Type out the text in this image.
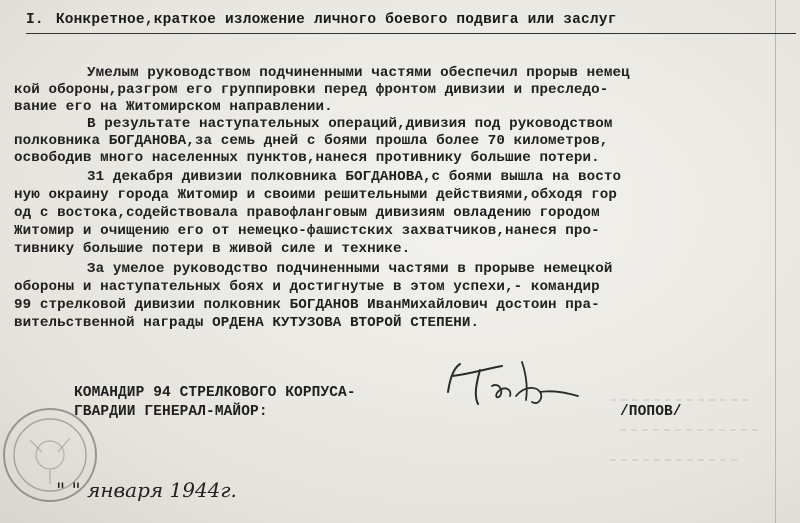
I. Конкретное,краткое изложение личного боевого подвига или заслуг
Умелым руководством подчиненными частями обеспечил прорыв немец
кой обороны,разгром его группировки перед фронтом дивизии и преследо-
вание его на Житомирском направлении.
В результате наступательных операций,дивизия под руководством
полковника БОГДАНОВА,за семь дней с боями прошла более 70 километров,
освободив много населенных пунктов,нанеся противнику большие потери.
31 декабря дивизии полковника БОГДАНОВА,с боями вышла на восто
ную окраину города Житомир и своими решительными действиями,обходя гор
од с востока,содействовала правофланговым дивизиям овладению городом
Житомир и очищению его от немецко-фашистских захватчиков,нанеся про-
тивнику большие потери в живой силе и технике.
За умелое руководство подчиненными частями в прорыве немецкой
обороны и наступательных боях и достигнутые в этом успехи,- командир
99 стрелковой дивизии полковник БОГДАНОВ ИванМихайлович достоин пра-
вительственной награды ОРДЕНА КУТУЗОВА ВТОРОЙ СТЕПЕНИ.
КОМАНДИР 94 СТРЕЛКОВОГО КОРПУСА-
ГВАРДИИ ГЕНЕРАЛ-МАЙОР:	/ПОПОВ/
" " января 1944г.
